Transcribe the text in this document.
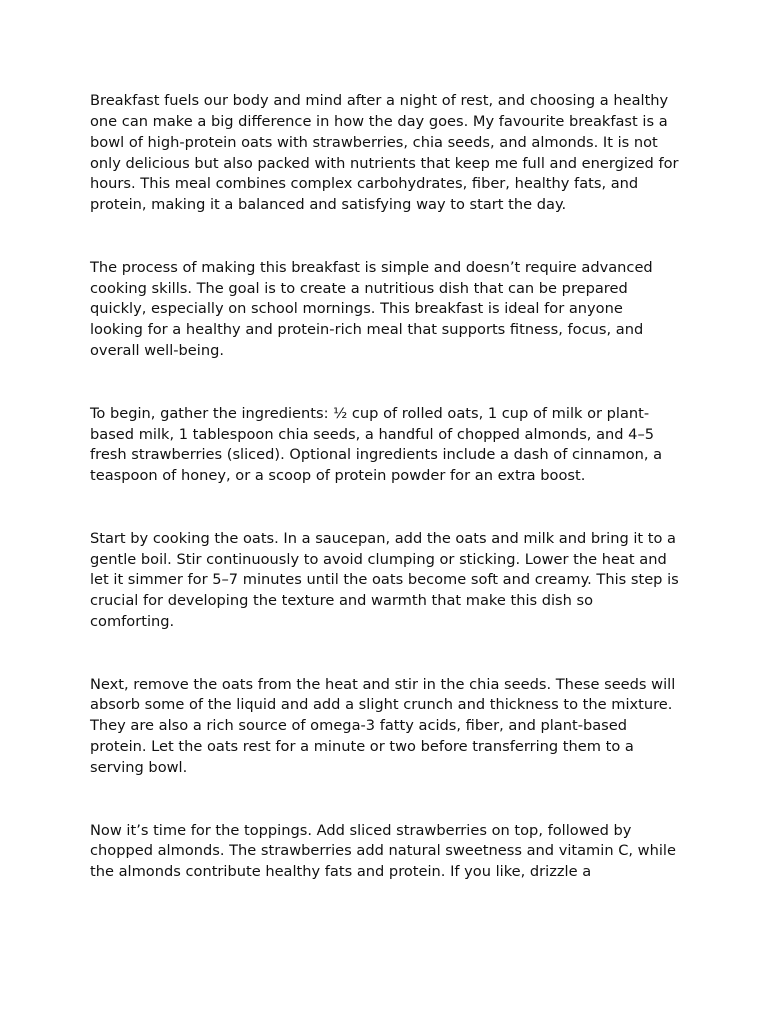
Breakfast fuels our body and mind after a night of rest, and choosing a healthy one can make a big difference in how the day goes. My favourite breakfast is a bowl of high-protein oats with strawberries, chia seeds, and almonds. It is not only delicious but also packed with nutrients that keep me full and energized for hours. This meal combines complex carbohydrates, fiber, healthy fats, and protein, making it a balanced and satisfying way to start the day.

The process of making this breakfast is simple and doesn’t require advanced cooking skills. The goal is to create a nutritious dish that can be prepared quickly, especially on school mornings. This breakfast is ideal for anyone looking for a healthy and protein-rich meal that supports fitness, focus, and overall well-being.

To begin, gather the ingredients: ½ cup of rolled oats, 1 cup of milk or plant-based milk, 1 tablespoon chia seeds, a handful of chopped almonds, and 4–5 fresh strawberries (sliced). Optional ingredients include a dash of cinnamon, a teaspoon of honey, or a scoop of protein powder for an extra boost.

Start by cooking the oats. In a saucepan, add the oats and milk and bring it to a gentle boil. Stir continuously to avoid clumping or sticking. Lower the heat and let it simmer for 5–7 minutes until the oats become soft and creamy. This step is crucial for developing the texture and warmth that make this dish so comforting.

Next, remove the oats from the heat and stir in the chia seeds. These seeds will absorb some of the liquid and add a slight crunch and thickness to the mixture. They are also a rich source of omega-3 fatty acids, fiber, and plant-based protein. Let the oats rest for a minute or two before transferring them to a serving bowl.

Now it’s time for the toppings. Add sliced strawberries on top, followed by chopped almonds. The strawberries add natural sweetness and vitamin C, while the almonds contribute healthy fats and protein. If you like, drizzle a
